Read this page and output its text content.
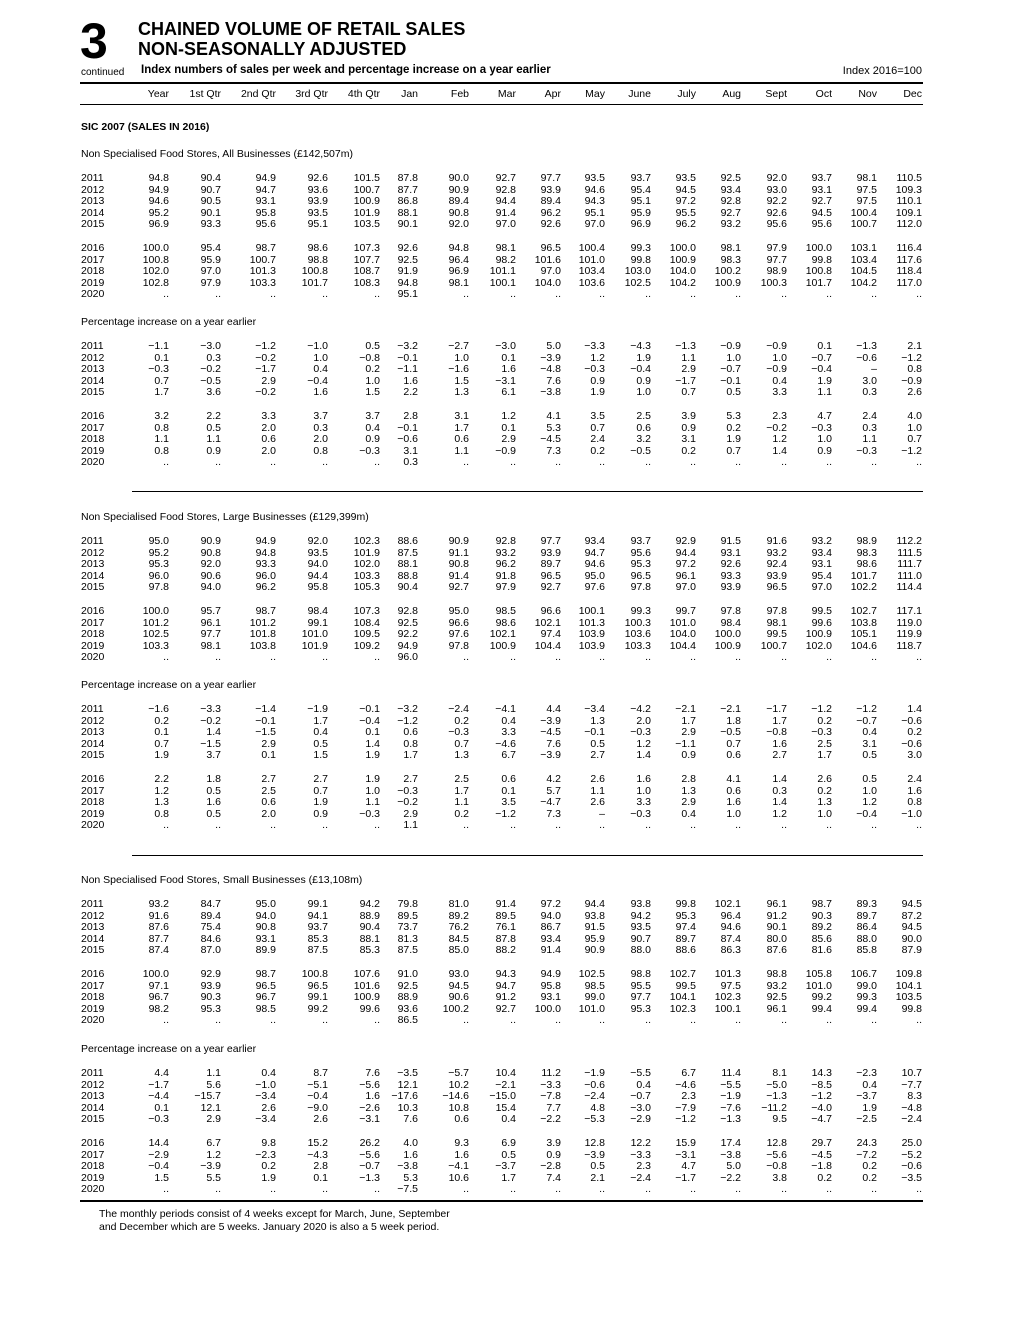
3 CHAINED VOLUME OF RETAIL SALES
NON-SEASONALLY ADJUSTED
continued Index numbers of sales per week and percentage increase on a year earlier	Index 2016=100
Year	1st Qtr	2nd Qtr	3rd Qtr	4th Qtr	Jan	Feb	Mar	Apr	May	June	July	Aug	Sept	Oct	Nov	Dec
SIC 2007 (SALES IN 2016)
Non Specialised Food Stores, All Businesses (£142,507m)
2011	94.8	90.4	94.9	92.6	101.5	87.8	90.0	92.7	97.7	93.5	93.7	93.5	92.5	92.0	93.7	98.1	110.5
2012	94.9	90.7	94.7	93.6	100.7	87.7	90.9	92.8	93.9	94.6	95.4	94.5	93.4	93.0	93.1	97.5	109.3
2013	94.6	90.5	93.1	93.9	100.9	86.8	89.4	94.4	89.4	94.3	95.1	97.2	92.8	92.2	92.7	97.5	110.1
2014	95.2	90.1	95.8	93.5	101.9	88.1	90.8	91.4	96.2	95.1	95.9	95.5	92.7	92.6	94.5	100.4	109.1
2015	96.9	93.3	95.6	95.1	103.5	90.1	92.0	97.0	92.6	97.0	96.9	96.2	93.2	95.6	95.6	100.7	112.0
2016	100.0	95.4	98.7	98.6	107.3	92.6	94.8	98.1	96.5	100.4	99.3	100.0	98.1	97.9	100.0	103.1	116.4
2017	100.8	95.9	100.7	98.8	107.7	92.5	96.4	98.2	101.6	101.0	99.8	100.9	98.3	97.7	99.8	103.4	117.6
2018	102.0	97.0	101.3	100.8	108.7	91.9	96.9	101.1	97.0	103.4	103.0	104.0	100.2	98.9	100.8	104.5	118.4
2019	102.8	97.9	103.3	101.7	108.3	94.8	98.1	100.1	104.0	103.6	102.5	104.2	100.9	100.3	101.7	104.2	117.0
2020	..	..	..	..	..	95.1	..	..	..	..	..	..	..	..	..	..	..
Percentage increase on a year earlier
2011	−1.1	−3.0	−1.2	−1.0	0.5	−3.2	−2.7	−3.0	5.0	−3.3	−4.3	−1.3	−0.9	−0.9	0.1	−1.3	2.1
2012	0.1	0.3	−0.2	1.0	−0.8	−0.1	1.0	0.1	−3.9	1.2	1.9	1.1	1.0	1.0	−0.7	−0.6	−1.2
2013	−0.3	−0.2	−1.7	0.4	0.2	−1.1	−1.6	1.6	−4.8	−0.3	−0.4	2.9	−0.7	−0.9	−0.4	–	0.8
2014	0.7	−0.5	2.9	−0.4	1.0	1.6	1.5	−3.1	7.6	0.9	0.9	−1.7	−0.1	0.4	1.9	3.0	−0.9
2015	1.7	3.6	−0.2	1.6	1.5	2.2	1.3	6.1	−3.8	1.9	1.0	0.7	0.5	3.3	1.1	0.3	2.6
2016	3.2	2.2	3.3	3.7	3.7	2.8	3.1	1.2	4.1	3.5	2.5	3.9	5.3	2.3	4.7	2.4	4.0
2017	0.8	0.5	2.0	0.3	0.4	−0.1	1.7	0.1	5.3	0.7	0.6	0.9	0.2	−0.2	−0.3	0.3	1.0
2018	1.1	1.1	0.6	2.0	0.9	−0.6	0.6	2.9	−4.5	2.4	3.2	3.1	1.9	1.2	1.0	1.1	0.7
2019	0.8	0.9	2.0	0.8	−0.3	3.1	1.1	−0.9	7.3	0.2	−0.5	0.2	0.7	1.4	0.9	−0.3	−1.2
2020	..	..	..	..	..	0.3	..	..	..	..	..	..	..	..	..	..	..
Non Specialised Food Stores, Large Businesses (£129,399m)
2011	95.0	90.9	94.9	92.0	102.3	88.6	90.9	92.8	97.7	93.4	93.7	92.9	91.5	91.6	93.2	98.9	112.2
2012	95.2	90.8	94.8	93.5	101.9	87.5	91.1	93.2	93.9	94.7	95.6	94.4	93.1	93.2	93.4	98.3	111.5
2013	95.3	92.0	93.3	94.0	102.0	88.1	90.8	96.2	89.7	94.6	95.3	97.2	92.6	92.4	93.1	98.6	111.7
2014	96.0	90.6	96.0	94.4	103.3	88.8	91.4	91.8	96.5	95.0	96.5	96.1	93.3	93.9	95.4	101.7	111.0
2015	97.8	94.0	96.2	95.8	105.3	90.4	92.7	97.9	92.7	97.6	97.8	97.0	93.9	96.5	97.0	102.2	114.4
2016	100.0	95.7	98.7	98.4	107.3	92.8	95.0	98.5	96.6	100.1	99.3	99.7	97.8	97.8	99.5	102.7	117.1
2017	101.2	96.1	101.2	99.1	108.4	92.5	96.6	98.6	102.1	101.3	100.3	101.0	98.4	98.1	99.6	103.8	119.0
2018	102.5	97.7	101.8	101.0	109.5	92.2	97.6	102.1	97.4	103.9	103.6	104.0	100.0	99.5	100.9	105.1	119.9
2019	103.3	98.1	103.8	101.9	109.2	94.9	97.8	100.9	104.4	103.9	103.3	104.4	100.9	100.7	102.0	104.6	118.7
2020	..	..	..	..	..	96.0	..	..	..	..	..	..	..	..	..	..	..
Percentage increase on a year earlier
2011	−1.6	−3.3	−1.4	−1.9	−0.1	−3.2	−2.4	−4.1	4.4	−3.4	−4.2	−2.1	−2.1	−1.7	−1.2	−1.2	1.4
2012	0.2	−0.2	−0.1	1.7	−0.4	−1.2	0.2	0.4	−3.9	1.3	2.0	1.7	1.8	1.7	0.2	−0.7	−0.6
2013	0.1	1.4	−1.5	0.4	0.1	0.6	−0.3	3.3	−4.5	−0.1	−0.3	2.9	−0.5	−0.8	−0.3	0.4	0.2
2014	0.7	−1.5	2.9	0.5	1.4	0.8	0.7	−4.6	7.6	0.5	1.2	−1.1	0.7	1.6	2.5	3.1	−0.6
2015	1.9	3.7	0.1	1.5	1.9	1.7	1.3	6.7	−3.9	2.7	1.4	0.9	0.6	2.7	1.7	0.5	3.0
2016	2.2	1.8	2.7	2.7	1.9	2.7	2.5	0.6	4.2	2.6	1.6	2.8	4.1	1.4	2.6	0.5	2.4
2017	1.2	0.5	2.5	0.7	1.0	−0.3	1.7	0.1	5.7	1.1	1.0	1.3	0.6	0.3	0.2	1.0	1.6
2018	1.3	1.6	0.6	1.9	1.1	−0.2	1.1	3.5	−4.7	2.6	3.3	2.9	1.6	1.4	1.3	1.2	0.8
2019	0.8	0.5	2.0	0.9	−0.3	2.9	0.2	−1.2	7.3	–	−0.3	0.4	1.0	1.2	1.0	−0.4	−1.0
2020	..	..	..	..	..	1.1	..	..	..	..	..	..	..	..	..	..	..
Non Specialised Food Stores, Small Businesses (£13,108m)
2011	93.2	84.7	95.0	99.1	94.2	79.8	81.0	91.4	97.2	94.4	93.8	99.8	102.1	96.1	98.7	89.3	94.5
2012	91.6	89.4	94.0	94.1	88.9	89.5	89.2	89.5	94.0	93.8	94.2	95.3	96.4	91.2	90.3	89.7	87.2
2013	87.6	75.4	90.8	93.7	90.4	73.7	76.2	76.1	86.7	91.5	93.5	97.4	94.6	90.1	89.2	86.4	94.5
2014	87.7	84.6	93.1	85.3	88.1	81.3	84.5	87.8	93.4	95.9	90.7	89.7	87.4	80.0	85.6	88.0	90.0
2015	87.4	87.0	89.9	87.5	85.3	87.5	85.0	88.2	91.4	90.9	88.0	88.6	86.3	87.6	81.6	85.8	87.9
2016	100.0	92.9	98.7	100.8	107.6	91.0	93.0	94.3	94.9	102.5	98.8	102.7	101.3	98.8	105.8	106.7	109.8
2017	97.1	93.9	96.5	96.5	101.6	92.5	94.5	94.7	95.8	98.5	95.5	99.5	97.5	93.2	101.0	99.0	104.1
2018	96.7	90.3	96.7	99.1	100.9	88.9	90.6	91.2	93.1	99.0	97.7	104.1	102.3	92.5	99.2	99.3	103.5
2019	98.2	95.3	98.5	99.2	99.6	93.6	100.2	92.7	100.0	101.0	95.3	102.3	100.1	96.1	99.4	99.4	99.8
2020	..	..	..	..	..	86.5	..	..	..	..	..	..	..	..	..	..	..
Percentage increase on a year earlier
2011	4.4	1.1	0.4	8.7	7.6	−3.5	−5.7	10.4	11.2	−1.9	−5.5	6.7	11.4	8.1	14.3	−2.3	10.7
2012	−1.7	5.6	−1.0	−5.1	−5.6	12.1	10.2	−2.1	−3.3	−0.6	0.4	−4.6	−5.5	−5.0	−8.5	0.4	−7.7
2013	−4.4	−15.7	−3.4	−0.4	1.6	−17.6	−14.6	−15.0	−7.8	−2.4	−0.7	2.3	−1.9	−1.3	−1.2	−3.7	8.3
2014	0.1	12.1	2.6	−9.0	−2.6	10.3	10.8	15.4	7.7	4.8	−3.0	−7.9	−7.6	−11.2	−4.0	1.9	−4.8
2015	−0.3	2.9	−3.4	2.6	−3.1	7.6	0.6	0.4	−2.2	−5.3	−2.9	−1.2	−1.3	9.5	−4.7	−2.5	−2.4
2016	14.4	6.7	9.8	15.2	26.2	4.0	9.3	6.9	3.9	12.8	12.2	15.9	17.4	12.8	29.7	24.3	25.0
2017	−2.9	1.2	−2.3	−4.3	−5.6	1.6	1.6	0.5	0.9	−3.9	−3.3	−3.1	−3.8	−5.6	−4.5	−7.2	−5.2
2018	−0.4	−3.9	0.2	2.8	−0.7	−3.8	−4.1	−3.7	−2.8	0.5	2.3	4.7	5.0	−0.8	−1.8	0.2	−0.6
2019	1.5	5.5	1.9	0.1	−1.3	5.3	10.6	1.7	7.4	2.1	−2.4	−1.7	−2.2	3.8	0.2	0.2	−3.5
2020	..	..	..	..	..	−7.5	..	..	..	..	..	..	..	..	..	..	..
The monthly periods consist of 4 weeks except for March, June, September
and December which are 5 weeks. January 2020 is also a 5 week period.
